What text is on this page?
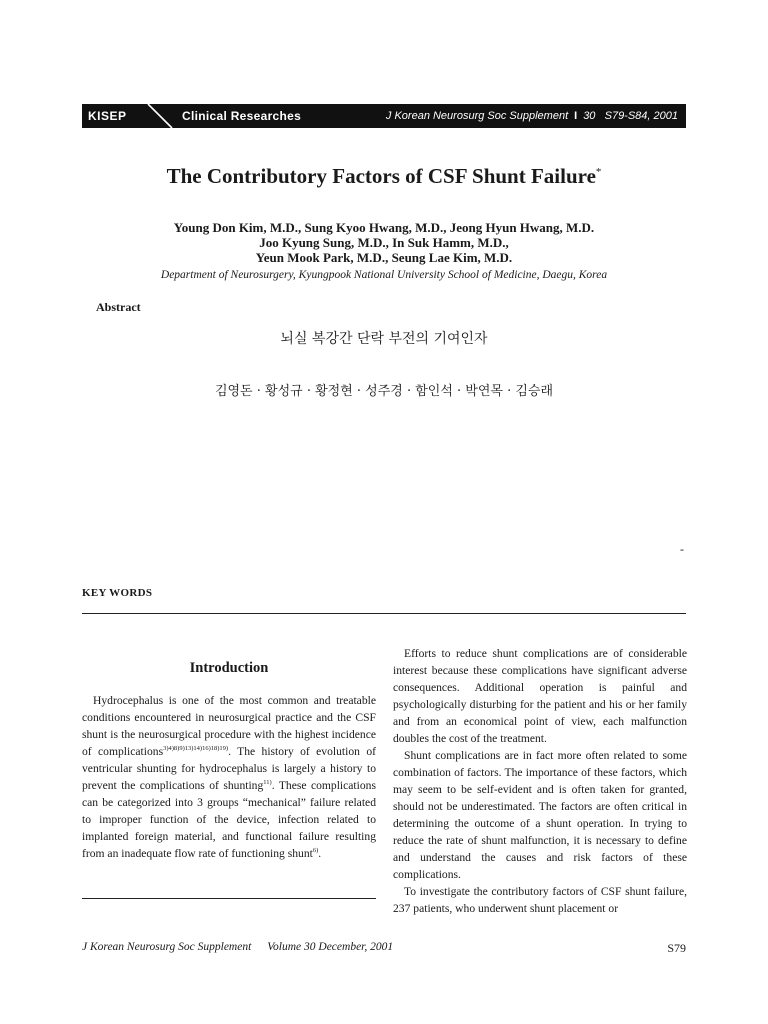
KISEP	Clinical Researches	J Korean Neurosurg Soc Supplement I 30 S79-S84, 2001
The Contributory Factors of CSF Shunt Failure*
Young Don Kim, M.D., Sung Kyoo Hwang, M.D., Jeong Hyun Hwang, M.D.
Joo Kyung Sung, M.D., In Suk Hamm, M.D.,
Yeun Mook Park, M.D., Seung Lae Kim, M.D.
Department of Neurosurgery, Kyungpook National University School of Medicine, Daegu, Korea
Abstract
뇌실 복강간 단락 부전의 기여인자
김영돈 · 황성규 · 황정현 · 성주경 · 함인석 · 박연목 · 김승래
-
KEY WORDS
Introduction

Hydrocephalus is one of the most common and treatable conditions encountered in neurosurgical practice and the CSF shunt is the neurosurgical procedure with the highest incidence of complications$^{3)4)8)9)13)14)16)18)19)}$. The history of evolution of ventricular shunting for hydrocephalus is largely a history to prevent the complications of shunting$^{11)}$. These complications can be categorized into 3 groups “mechanical” failure related to improper function of the device, infection related to implanted foreign material, and functional failure resulting from an inadequate flow rate of functioning shunt$^{6)}$.

Efforts to reduce shunt complications are of considerable interest because these complications have significant adverse consequences. Additional operation is painful and psychologically disturbing for the patient and his or her family and from an economical point of view, each malfunction doubles the cost of the treatment.

Shunt complications are in fact more often related to some combination of factors. The importance of these factors, which may seem to be self-evident and is often taken for granted, should not be underestimated. The factors are often critical in determining the outcome of a shunt operation. In trying to reduce the rate of shunt malfunction, it is necessary to define and understand the causes and risk factors of these complications.

To investigate the contributory factors of CSF shunt failure, 237 patients, who underwent shunt placement or

J Korean Neurosurg Soc Supplement Volume 30 December, 2001	S79
